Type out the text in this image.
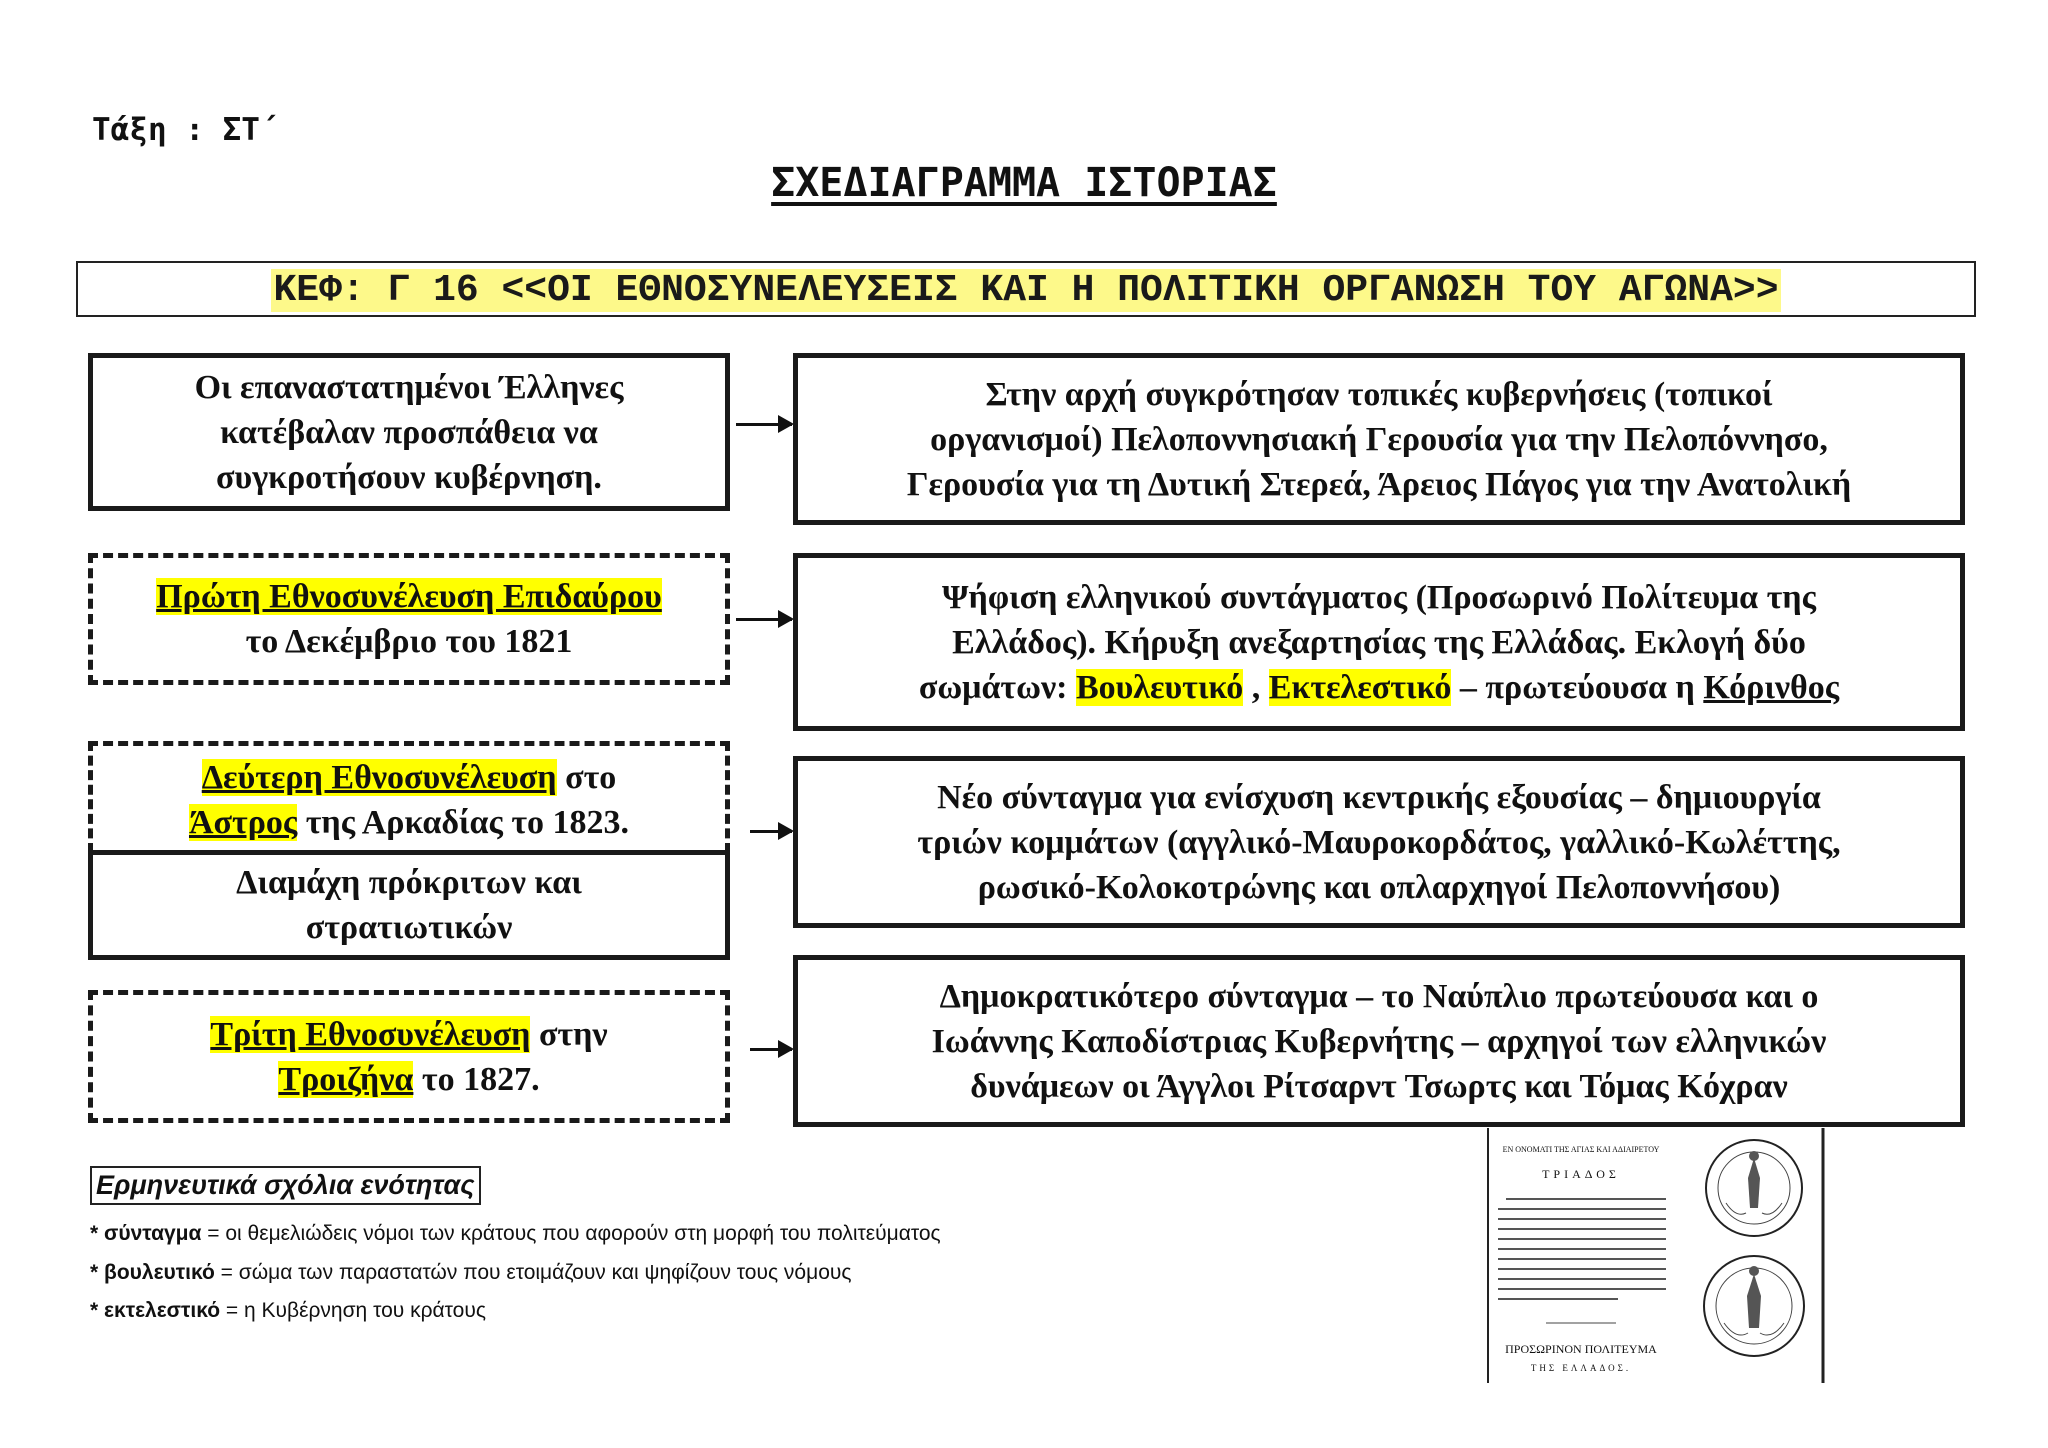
Τάξη : ΣΤ΄
ΣΧΕΔΙΑΓΡΑΜΜΑ ΙΣΤΟΡΙΑΣ
ΚΕΦ: Γ 16 <<ΟΙ ΕΘΝΟΣΥΝΕΛΕΥΣΕΙΣ ΚΑΙ Η ΠΟΛΙΤΙΚΗ ΟΡΓΑΝΩΣΗ ΤΟΥ ΑΓΩΝΑ>>

Οι επαναστατημένοι Έλληνες
κατέβαλαν προσπάθεια να
συγκροτήσουν κυβέρνηση.

Στην αρχή συγκρότησαν τοπικές κυβερνήσεις (τοπικοί
οργανισμοί) Πελοποννησιακή Γερουσία για την Πελοπόννησο,
Γερουσία για τη Δυτική Στερεά, Άρειος Πάγος για την Ανατολική

Πρώτη Εθνοσυνέλευση Επιδαύρου
το Δεκέμβριο του 1821

Ψήφιση ελληνικού συντάγματος (Προσωρινό Πολίτευμα της
Ελλάδος). Κήρυξη ανεξαρτησίας της Ελλάδας. Εκλογή δύο
σωμάτων: Βουλευτικό , Εκτελεστικό – πρωτεύουσα η Κόρινθος

Δεύτερη Εθνοσυνέλευση στο
Άστρος της Αρκαδίας το 1823.

Διαμάχη πρόκριτων και
στρατιωτικών

Νέο σύνταγμα για ενίσχυση κεντρικής εξουσίας – δημιουργία
τριών κομμάτων (αγγλικό-Μαυροκορδάτος, γαλλικό-Κωλέττης,
ρωσικό-Κολοκοτρώνης και οπλαρχηγοί Πελοποννήσου)

Τρίτη Εθνοσυνέλευση στην
Τροιζήνα το 1827.

Δημοκρατικότερο σύνταγμα – το Ναύπλιο πρωτεύουσα και ο
Ιωάννης Καποδίστριας Κυβερνήτης – αρχηγοί των ελληνικών
δυνάμεων οι Άγγλοι Ρίτσαρντ Τσωρτς και Τόμας Κόχραν

Ερμηνευτικά σχόλια ενότητας
* σύνταγμα = οι θεμελιώδεις νόμοι των κράτους που αφορούν στη μορφή του πολιτεύματος
* βουλευτικό = σώμα των παραστατών που ετοιμάζουν και ψηφίζουν τους νόμους
* εκτελεστικό = η Κυβέρνηση του κράτους
ΕΝ ΟΝΟΜΑΤΙ ΤΗΣ ΑΓΙΑΣ ΚΑΙ ΑΔΙΑΙΡΕΤΟΥ
ΤΡΙΑΔΟΣ
ΠΡΟΣΩΡΙΝΟΝ ΠΟΛΙΤΕΥΜΑ
ΤΗΣ ΕΛΛΑΔΟΣ.
